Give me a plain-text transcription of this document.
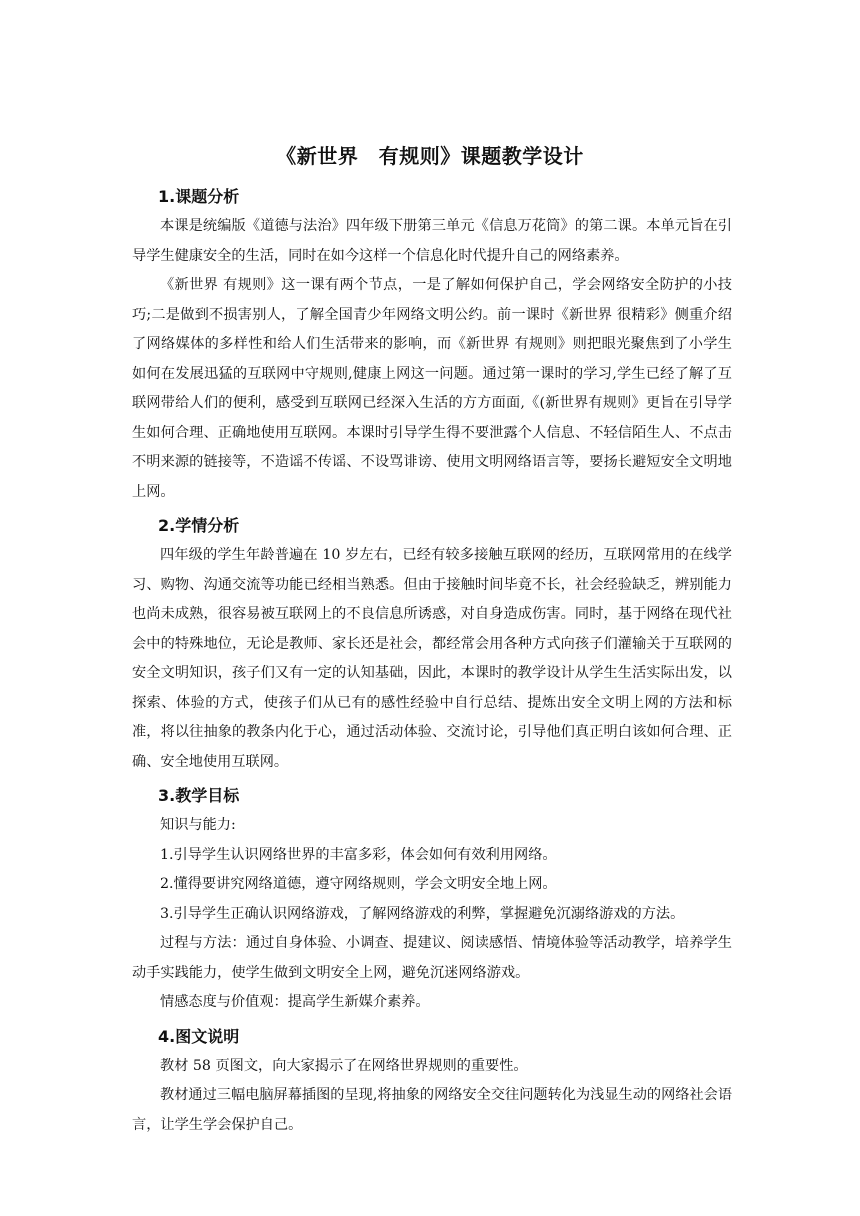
《新世界　有规则》课题教学设计
1.课题分析

本课是统编版《道德与法治》四年级下册第三单元《信息万花筒》的第二课。本单元旨在引导学生健康安全的生活，同时在如今这样一个信息化时代提升自己的网络素养。

《新世界 有规则》这一课有两个节点，一是了解如何保护自己，学会网络安全防护的小技巧;二是做到不损害别人，了解全国青少年网络文明公约。前一课时《新世界 很精彩》侧重介绍了网络媒体的多样性和给人们生活带来的影响，而《新世界 有规则》则把眼光聚焦到了小学生如何在发展迅猛的互联网中守规则,健康上网这一问题。通过第一课时的学习,学生已经了解了互联网带给人们的便利，感受到互联网已经深入生活的方方面面,《(新世界有规则》更旨在引导学生如何合理、正确地使用互联网。本课时引导学生得不要泄露个人信息、不轻信陌生人、不点击不明来源的链接等，不造谣不传谣、不设骂诽谤、使用文明网络语言等，要扬长避短安全文明地上网。

2.学情分析

四年级的学生年龄普遍在 10 岁左右，已经有较多接触互联网的经历，互联网常用的在线学习、购物、沟通交流等功能已经相当熟悉。但由于接触时间毕竟不长，社会经验缺乏，辨别能力也尚未成熟，很容易被互联网上的不良信息所诱惑，对自身造成伤害。同时，基于网络在现代社会中的特殊地位，无论是教师、家长还是社会，都经常会用各种方式向孩子们灌输关于互联网的安全文明知识，孩子们又有一定的认知基础，因此，本课时的教学设计从学生生活实际出发，以探索、体验的方式，使孩子们从已有的感性经验中自行总结、提炼出安全文明上网的方法和标准，将以往抽象的教条内化于心，通过活动体验、交流讨论，引导他们真正明白该如何合理、正确、安全地使用互联网。

3.教学目标

知识与能力:

1.引导学生认识网络世界的丰富多彩，体会如何有效利用网络。

2.懂得要讲究网络道德，遵守网络规则，学会文明安全地上网。

3.引导学生正确认识网络游戏，了解网络游戏的利弊，掌握避免沉溺络游戏的方法。

过程与方法：通过自身体验、小调查、提建议、阅读感悟、情境体验等活动教学，培养学生动手实践能力，使学生做到文明安全上网，避免沉迷网络游戏。

情感态度与价值观：提高学生新媒介素养。

4.图文说明

教材 58 页图文，向大家揭示了在网络世界规则的重要性。

教材通过三幅电脑屏幕插图的呈现,将抽象的网络安全交往问题转化为浅显生动的网络社会语言，让学生学会保护自己。
